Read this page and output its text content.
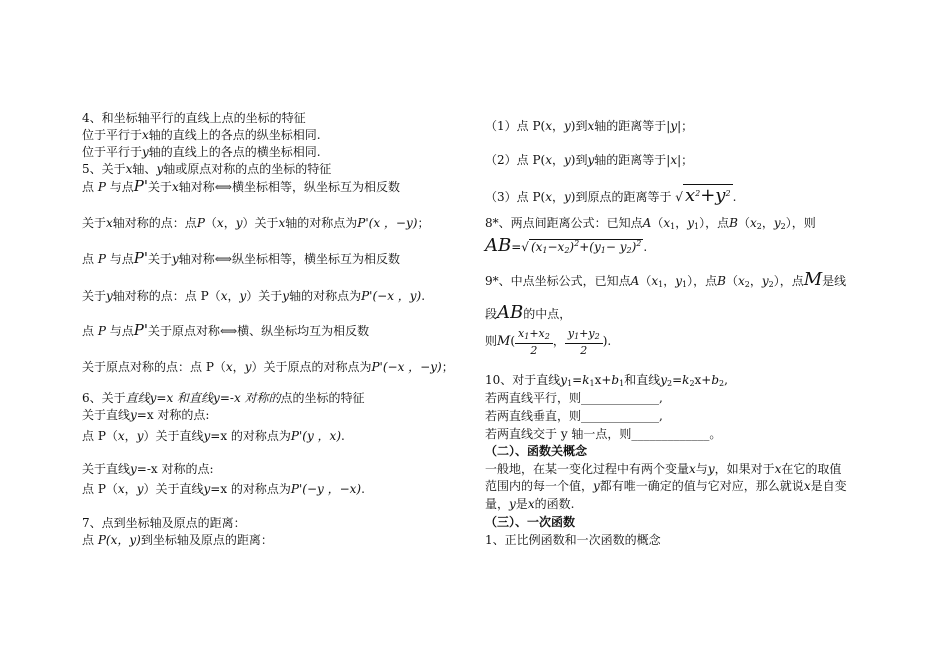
4、和坐标轴平行的直线上点的坐标的特征
位于平行于x轴的直线上的各点的纵坐标相同.
位于平行于y轴的直线上的各点的横坐标相同.
5、关于x轴、y轴或原点对称的点的坐标的特征
点 P 与点P'关于x轴对称⟺横坐标相等，纵坐标互为相反数
关于x轴对称的点：点P（x，y）关于x轴的对称点为P'(x ，−y)；
点 P 与点P'关于y轴对称⟺纵坐标相等，横坐标互为相反数
关于y轴对称的点：点 P（x，y）关于y轴的对称点为P'(−x ，y).
点 P 与点P'关于原点对称⟺横、纵坐标均互为相反数
关于原点对称的点：点 P（x，y）关于原点的对称点为P'(−x ，−y)；
6、关于直线y=x 和直线y=-x 对称的点的坐标的特征
关于直线y=x 对称的点:
点 P（x，y）关于直线y=x 的对称点为P'(y ，x).
关于直线y=-x 对称的点:
点 P（x，y）关于直线y=x 的对称点为P'(−y ，−x).
7、点到坐标轴及原点的距离：
点 P(x，y)到坐标轴及原点的距离：
（1）点 P(x，y)到x轴的距离等于|y|；
（2）点 P(x，y)到y轴的距离等于|x|；
（3）点 P(x，y)到原点的距离等于 √ $x^2+y^2$ .
8*、两点间距离公式：已知点$A(x_1$，$y_1$），点$B(x_2$，$y_2$），则
AB=√ $(x_1-x_2)^2+(y_1- y_2)^2$ .
9*、中点坐标公式，已知点$A(x_1$，$y_1$），点$B(x_2$，$y_2$），点M是线
段AB的中点，
则$M( \frac{x_1+x_2}{2}$ ， $\frac{y_1+y_2}{2}$ ).
10、对于直线$y_1=k_1x+b_1$和直线$y_2=k_2x+b_2$,
若两直线平行，则_____________,
若两直线垂直，则_____________,
若两直线交于 y 轴一点，则_____________。
（二）、函数关概念
一般地，在某一变化过程中有两个变量x与y，如果对于x在它的取值
范围内的每一个值，y都有唯一确定的值与它对应，那么就说x是自变
量，y是x的函数.
（三）、一次函数
1、正比例函数和一次函数的概念
